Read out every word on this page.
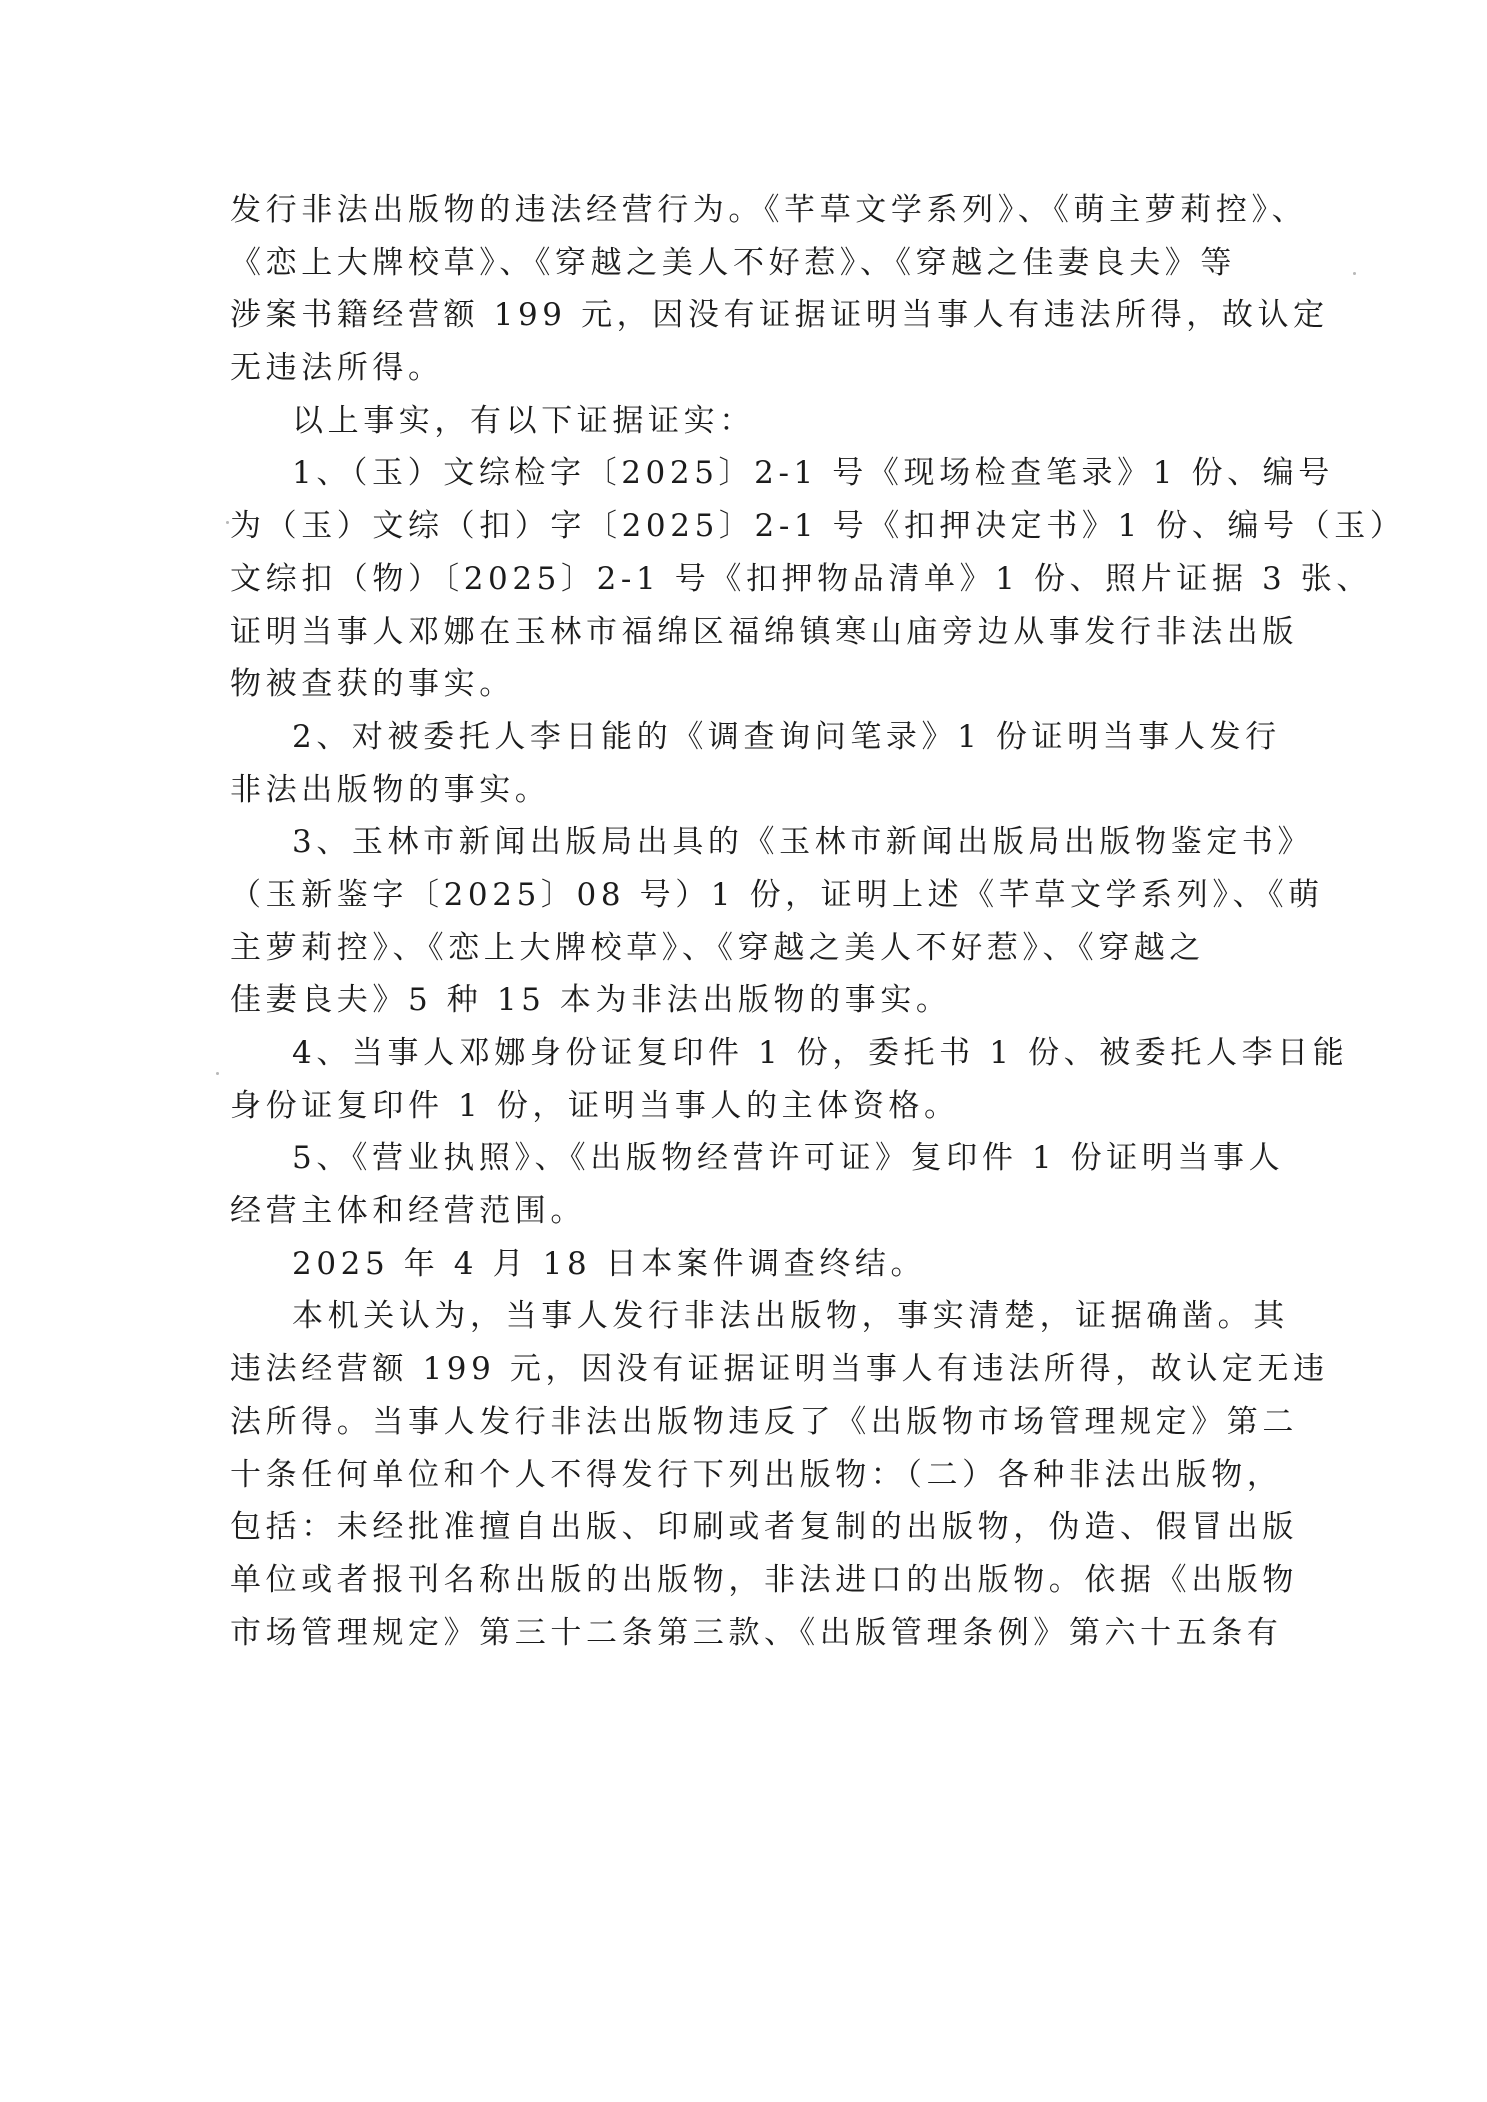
发行非法出版物的违法经营行为。《芊草文学系列》、《萌主萝莉控》、
《恋上大牌校草》、《穿越之美人不好惹》、《穿越之佳妻良夫》等
涉案书籍经营额 199 元，因没有证据证明当事人有违法所得，故认定
无违法所得。
以上事实，有以下证据证实：
1、（玉）文综检字〔2025〕2-1 号《现场检查笔录》1 份、编号
为（玉）文综（扣）字〔2025〕2-1 号《扣押决定书》1 份、编号（玉）
文综扣（物）〔2025〕2-1 号《扣押物品清单》1 份、照片证据 3 张、
证明当事人邓娜在玉林市福绵区福绵镇寒山庙旁边从事发行非法出版
物被查获的事实。
2、对被委托人李日能的《调查询问笔录》1 份证明当事人发行
非法出版物的事实。
3、玉林市新闻出版局出具的《玉林市新闻出版局出版物鉴定书》
（玉新鉴字〔2025〕08 号）1 份，证明上述《芊草文学系列》、《萌
主萝莉控》、《恋上大牌校草》、《穿越之美人不好惹》、《穿越之
佳妻良夫》5 种 15 本为非法出版物的事实。
4、当事人邓娜身份证复印件 1 份，委托书 1 份、被委托人李日能
身份证复印件 1 份，证明当事人的主体资格。
5、《营业执照》、《出版物经营许可证》复印件 1 份证明当事人
经营主体和经营范围。
2025 年 4 月 18 日本案件调查终结。
本机关认为，当事人发行非法出版物，事实清楚，证据确凿。其
违法经营额 199 元，因没有证据证明当事人有违法所得，故认定无违
法所得。当事人发行非法出版物违反了《出版物市场管理规定》第二
十条任何单位和个人不得发行下列出版物：（二）各种非法出版物，
包括：未经批准擅自出版、印刷或者复制的出版物，伪造、假冒出版
单位或者报刊名称出版的出版物，非法进口的出版物。依据《出版物
市场管理规定》第三十二条第三款、《出版管理条例》第六十五条有
